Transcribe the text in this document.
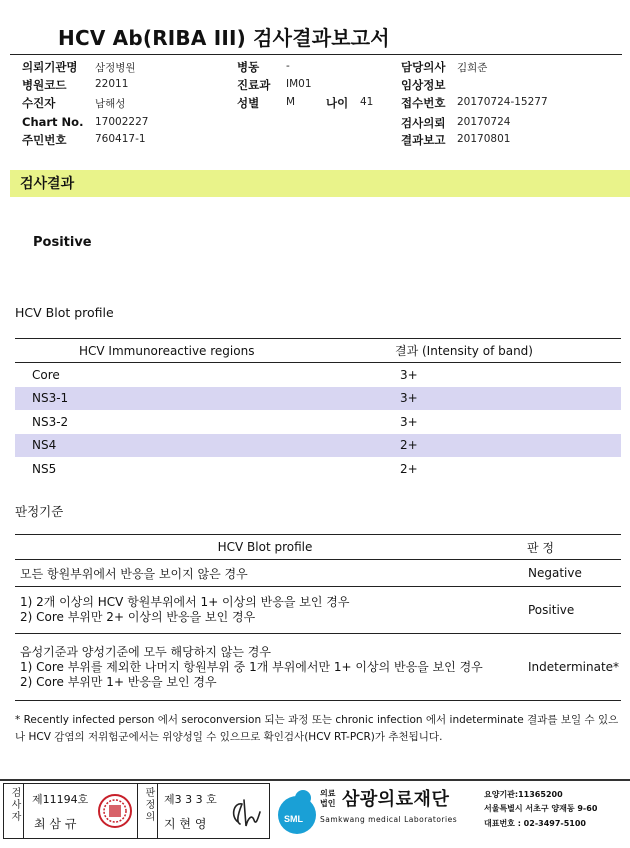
HCV Ab(RIBA III) 검사결과보고서
의뢰기관명 삼정병원
병원코드	22011
수진자	남해성
Chart No. 17002227
주민번호	760417-1
병동	-
진료과 IM01
성별	M	나이 41
담당의사 김희준
임상정보
접수번호 20170724-15277
검사의뢰 20170724
결과보고 20170801
검사결과
Positive
HCV Blot profile
HCV Immunoreactive regions	결과 (Intensity of band)
Core	3+
NS3-1	3+
NS3-2	3+
NS4	2+
NS5	2+
판정기준
HCV Blot profile	판 정
모든 항원부위에서 반응을 보이지 않은 경우	Negative

1) 2개 이상의 HCV 항원부위에서 1+ 이상의 반응을 보인 경우
2) Core 부위만 2+ 이상의 반응을 보인 경우	Positive

음성기준과 양성기준에 모두 해당하지 않는 경우
1) Core 부위를 제외한 나머지 항원부위 중 1개 부위에서만 1+ 이상의 반응을 보인 경우
2) Core 부위만 1+ 반응을 보인 경우	Indeterminate*
* Recently infected person 에서 seroconversion 되는 과정 또는 chronic infection 에서 indeterminate 결과를 보일 수 있으나 HCV 감염의 저위험군에서는 위양성일 수 있으므로 확인검사(HCV RT-PCR)가 추천됩니다.
검사자 제11194호
최 삼 규
판정의 제3 3 3 호
지 현 영	SML
의료
법인 삼광의료재단
Samkwang medical Laboratories
요양기관:11365200
서울특별시 서초구 양재동 9-60
대표번호 : 02-3497-5100
